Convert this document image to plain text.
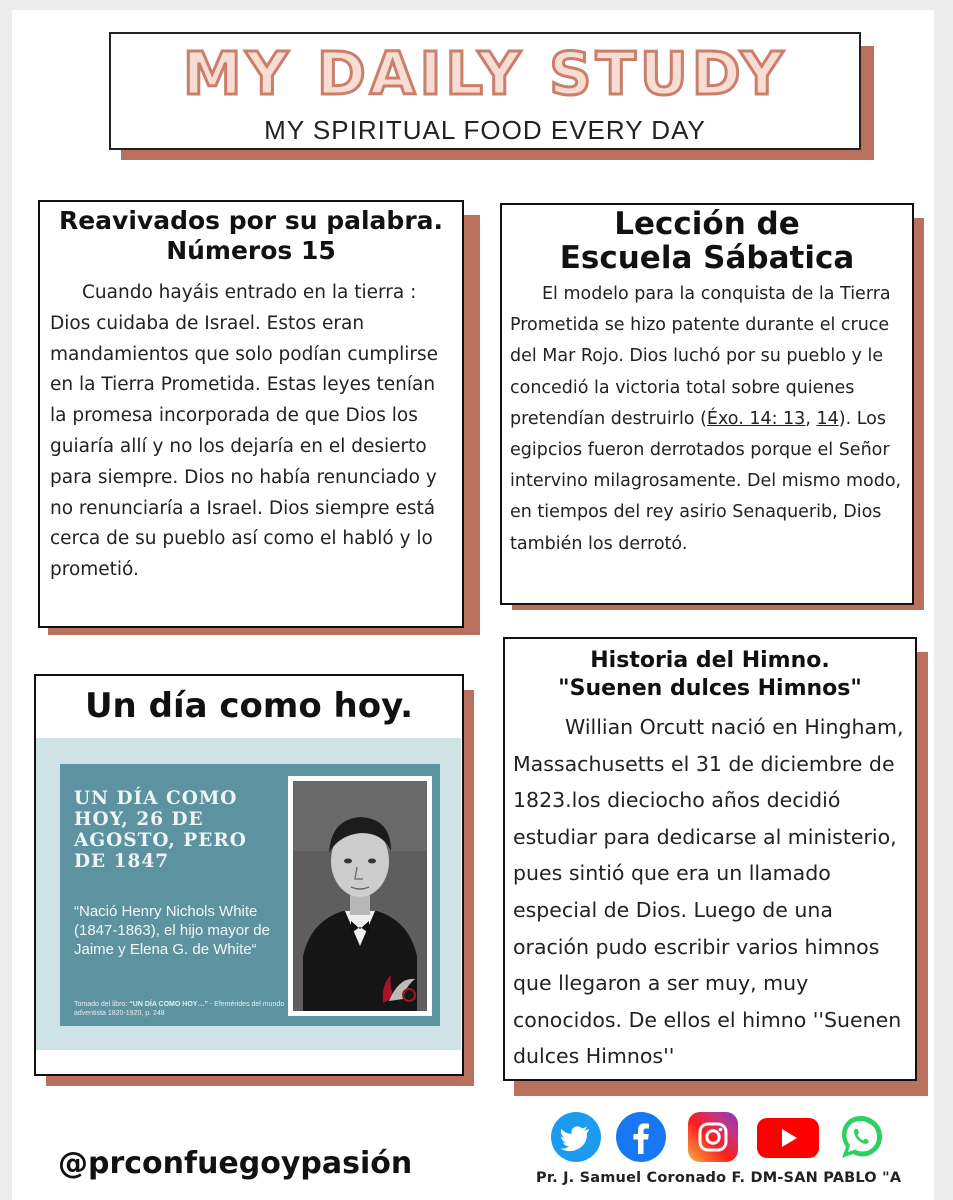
MY DAILY STUDY
MY SPIRITUAL FOOD EVERY DAY
Reavivados por su palabra.
Números 15

Cuando hayáis entrado en la tierra : Dios cuidaba de Israel. Estos eran mandamientos que solo podían cumplirse en la Tierra Prometida. Estas leyes tenían la promesa incorporada de que Dios los guiaría allí y no los dejaría en el desierto para siempre. Dios no había renunciado y no renunciaría a Israel. Dios siempre está cerca de su pueblo así como el habló y lo prometió.

Lección de
Escuela Sábatica

El modelo para la conquista de la Tierra Prometida se hizo patente durante el cruce del Mar Rojo. Dios luchó por su pueblo y le concedió la victoria total sobre quienes pretendían destruirlo (Éxo. 14: 13, 14). Los egipcios fueron derrotados porque el Señor intervino milagrosamente. Del mismo modo, en tiempos del rey asirio Senaquerib, Dios también los derrotó.

Un día como hoy.
UN DÍA COMO HOY, 26 DE AGOSTO, PERO DE 1847
“Nació Henry Nichols White (1847-1863), el hijo mayor de Jaime y Elena G. de White“
Tomado del libro: “UN DÍA COMO HOY…” - Efemérides del mundo adventista 1820-1920, p. 248
Historia del Himno.
"Suenen dulces Himnos"

Willian Orcutt nació en Hingham, Massachusetts el 31 de diciembre de 1823.los dieciocho años decidió estudiar para dedicarse al ministerio, pues sintió que era un llamado especial de Dios. Luego de una oración pudo escribir varios himnos que llegaron a ser muy, muy conocidos. De ellos el himno ''Suenen dulces Himnos''

@prconfuegoypasión	Pr. J. Samuel Coronado F. DM-SAN PABLO "A
